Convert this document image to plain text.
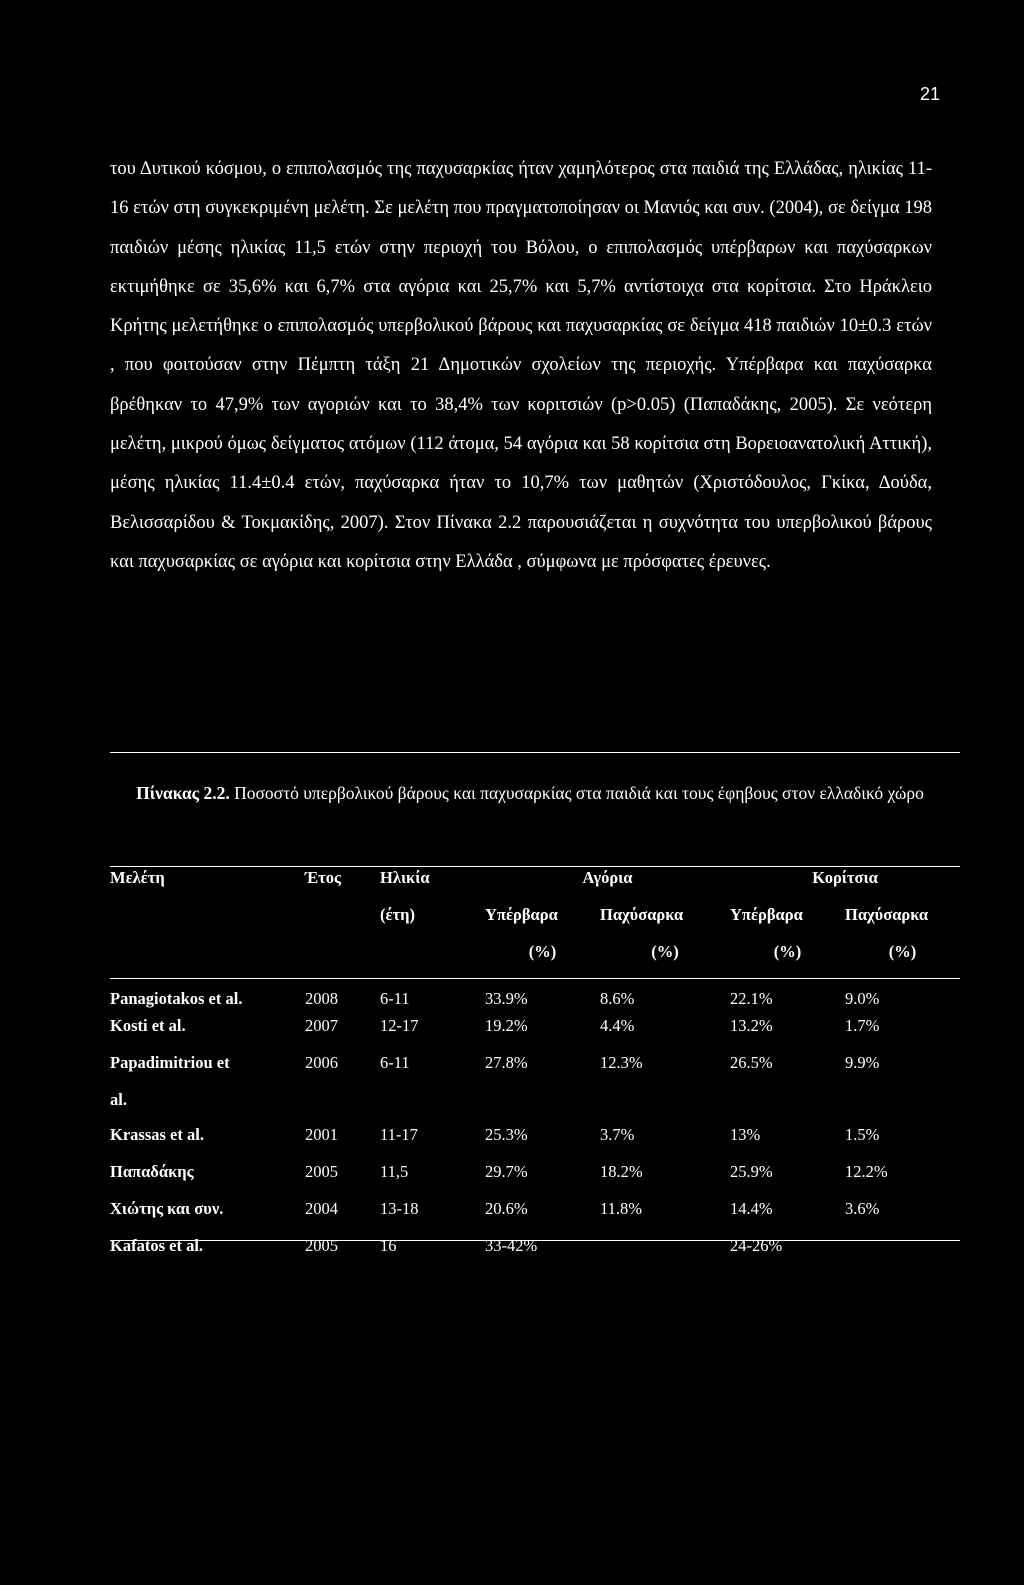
21

του Δυτικού κόσμου, ο επιπολασμός της παχυσαρκίας ήταν χαμηλότερος στα παιδιά της Ελλάδας, ηλικίας 11-16 ετών στη συγκεκριμένη μελέτη. Σε μελέτη που πραγματοποίησαν οι Μανιός και συν. (2004), σε δείγμα 198 παιδιών μέσης ηλικίας 11,5 ετών στην περιοχή του Βόλου, ο επιπολασμός υπέρβαρων και παχύσαρκων εκτιμήθηκε σε 35,6% και 6,7% στα αγόρια και 25,7% και 5,7% αντίστοιχα στα κορίτσια. Στο Ηράκλειο Κρήτης μελετήθηκε ο επιπολασμός υπερβολικού βάρους και παχυσαρκίας σε δείγμα 418 παιδιών 10±0.3 ετών , που φοιτούσαν στην Πέμπτη τάξη 21 Δημοτικών σχολείων της περιοχής. Υπέρβαρα και παχύσαρκα βρέθηκαν το 47,9% των αγοριών και το 38,4% των κοριτσιών (p>0.05) (Παπαδάκης, 2005). Σε νεότερη μελέτη, μικρού όμως δείγματος ατόμων (112 άτομα, 54 αγόρια και 58 κορίτσια στη Βορειοανατολική Αττική), μέσης ηλικίας 11.4±0.4 ετών, παχύσαρκα ήταν το 10,7% των μαθητών (Χριστόδουλος, Γκίκα, Δούδα, Βελισσαρίδου & Τοκμακίδης, 2007). Στον Πίνακα 2.2 παρουσιάζεται η συχνότητα του υπερβολικού βάρους και παχυσαρκίας σε αγόρια και κορίτσια στην Ελλάδα , σύμφωνα με πρόσφατες έρευνες.

Πίνακας 2.2. Ποσοστό υπερβολικού βάρους και παχυσαρκίας στα παιδιά και τους έφηβους στον ελλαδικό χώρο
Μελέτη	Έτος	Ηλικία	Αγόρια		Κορίτσια	
		(έτη)	Υπέρβαρα	Παχύσαρκα	Υπέρβαρα	Παχύσαρκα
			(%)	(%)	(%)	(%)
Panagiotakos et al.	2008	6-11	33.9%	8.6%	22.1%	9.0%
Kosti et al.	2007	12-17	19.2%	4.4%	13.2%	1.7%

Papadimitriou et
al.	2006	6-11	27.8%	12.3%	26.5%	9.9%
Krassas et al.	2001	11-17	25.3%	3.7%	13%	1.5%
Παπαδάκης	2005	11,5	29.7%	18.2%	25.9%	12.2%
Χιώτης και συν.	2004	13-18	20.6%	11.8%	14.4%	3.6%
Kafatos et al.	2005	16	33-42%		24-26%	
